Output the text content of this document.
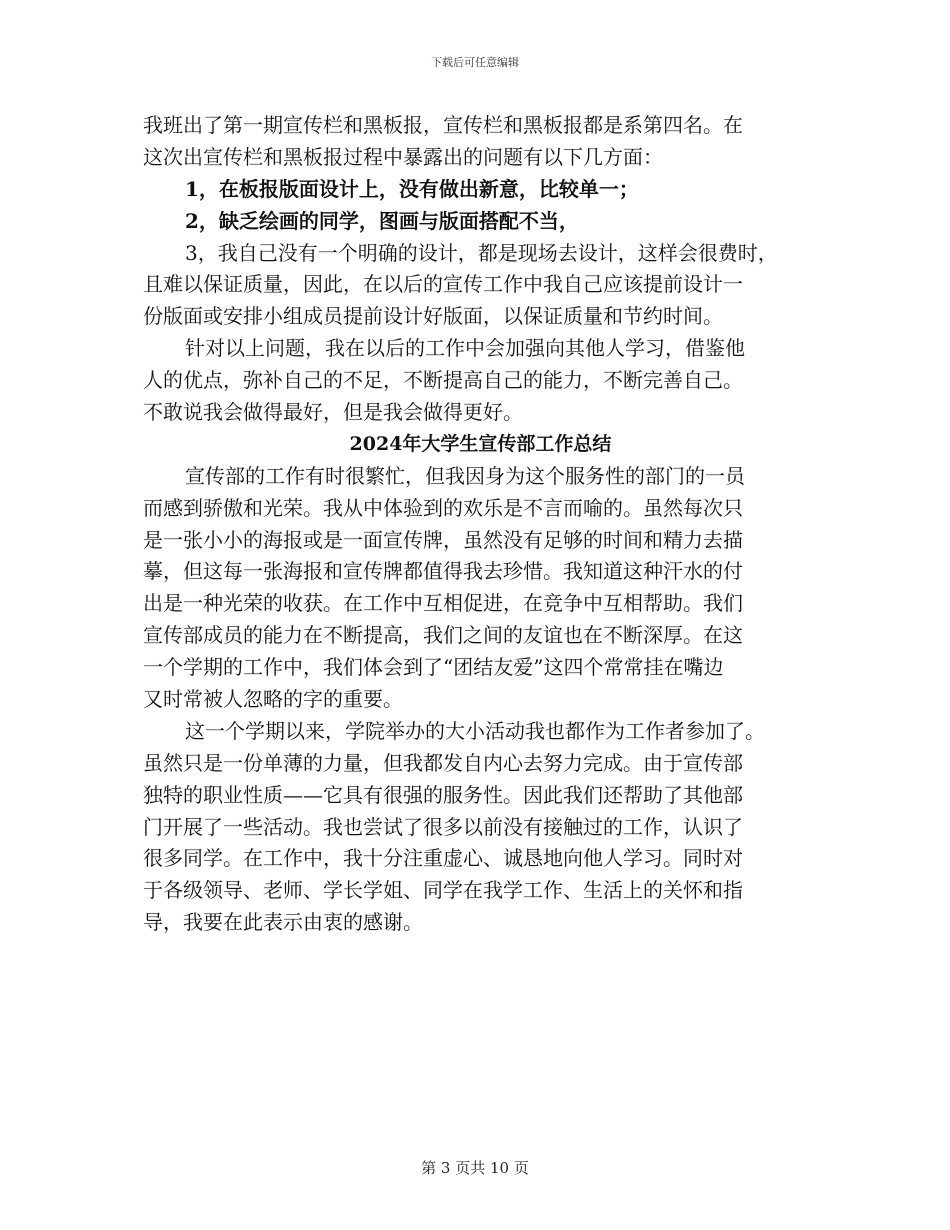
下载后可任意编辑
我班出了第一期宣传栏和黑板报，宣传栏和黑板报都是系第四名。在
这次出宣传栏和黑板报过程中暴露出的问题有以下几方面：
1，在板报版面设计上，没有做出新意，比较单一；
2，缺乏绘画的同学，图画与版面搭配不当，
3，我自己没有一个明确的设计，都是现场去设计，这样会很费时，
且难以保证质量，因此，在以后的宣传工作中我自己应该提前设计一
份版面或安排小组成员提前设计好版面，以保证质量和节约时间。
针对以上问题，我在以后的工作中会加强向其他人学习，借鉴他
人的优点，弥补自己的不足，不断提高自己的能力，不断完善自己。
不敢说我会做得最好，但是我会做得更好。
2024年大学生宣传部工作总结
宣传部的工作有时很繁忙，但我因身为这个服务性的部门的一员
而感到骄傲和光荣。我从中体验到的欢乐是不言而喻的。虽然每次只
是一张小小的海报或是一面宣传牌，虽然没有足够的时间和精力去描
摹，但这每一张海报和宣传牌都值得我去珍惜。我知道这种汗水的付
出是一种光荣的收获。在工作中互相促进，在竞争中互相帮助。我们
宣传部成员的能力在不断提高，我们之间的友谊也在不断深厚。在这
一个学期的工作中，我们体会到了“团结友爱”这四个常常挂在嘴边
又时常被人忽略的字的重要。
这一个学期以来，学院举办的大小活动我也都作为工作者参加了。
虽然只是一份单薄的力量，但我都发自内心去努力完成。由于宣传部
独特的职业性质——它具有很强的服务性。因此我们还帮助了其他部
门开展了一些活动。我也尝试了很多以前没有接触过的工作，认识了
很多同学。在工作中，我十分注重虚心、诚恳地向他人学习。同时对
于各级领导、老师、学长学姐、同学在我学工作、生活上的关怀和指
导，我要在此表示由衷的感谢。
第 3 页共 10 页
